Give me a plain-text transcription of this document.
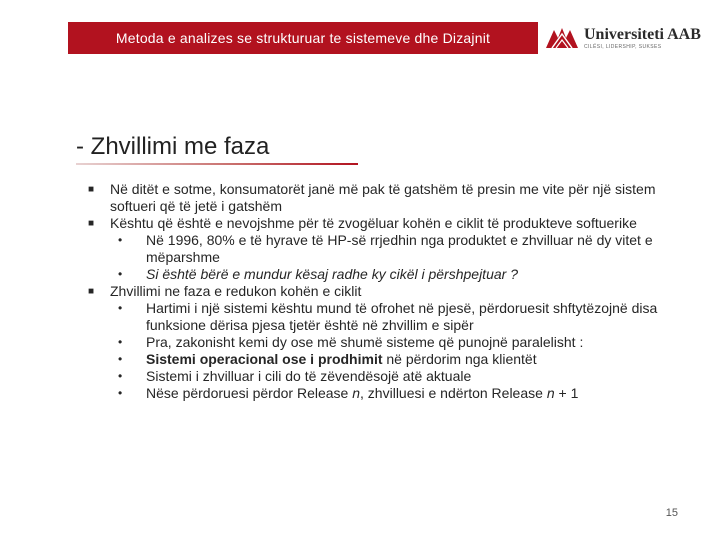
Metoda e analizes se strukturuar te sistemeve dhe Dizajnit	Universiteti AAB
CILËSI, LIDERSHIP, SUKSES
- Zhvillimi me faza
■ Në ditët e sotme, konsumatorët janë më pak të gatshëm të presin me vite për një sistem softueri që të jetë i gatshëm
■ Kështu që është e nevojshme për të zvogëluar kohën e ciklit të produkteve softuerike
• Në 1996, 80% e të hyrave të HP-së rrjedhin nga produktet e zhvilluar në dy vitet e mëparshme
• Si është bërë e mundur kësaj radhe ky cikël i përshpejtuar ?
■ Zhvillimi ne faza e redukon kohën e ciklit
• Hartimi i një sistemi kështu mund të ofrohet në pjesë, përdoruesit shftytëzojnë disa funksione dërisa pjesa tjetër është në zhvillim e sipër
• Pra, zakonisht kemi dy ose më shumë sisteme që punojnë paralelisht :
• Sistemi operacional ose i prodhimit në përdorim nga klientët
• Sistemi i zhvilluar i cili do të zëvendësojë atë aktuale
• Nëse përdoruesi përdor Release n, zhvilluesi e ndërton Release n + 1
15
